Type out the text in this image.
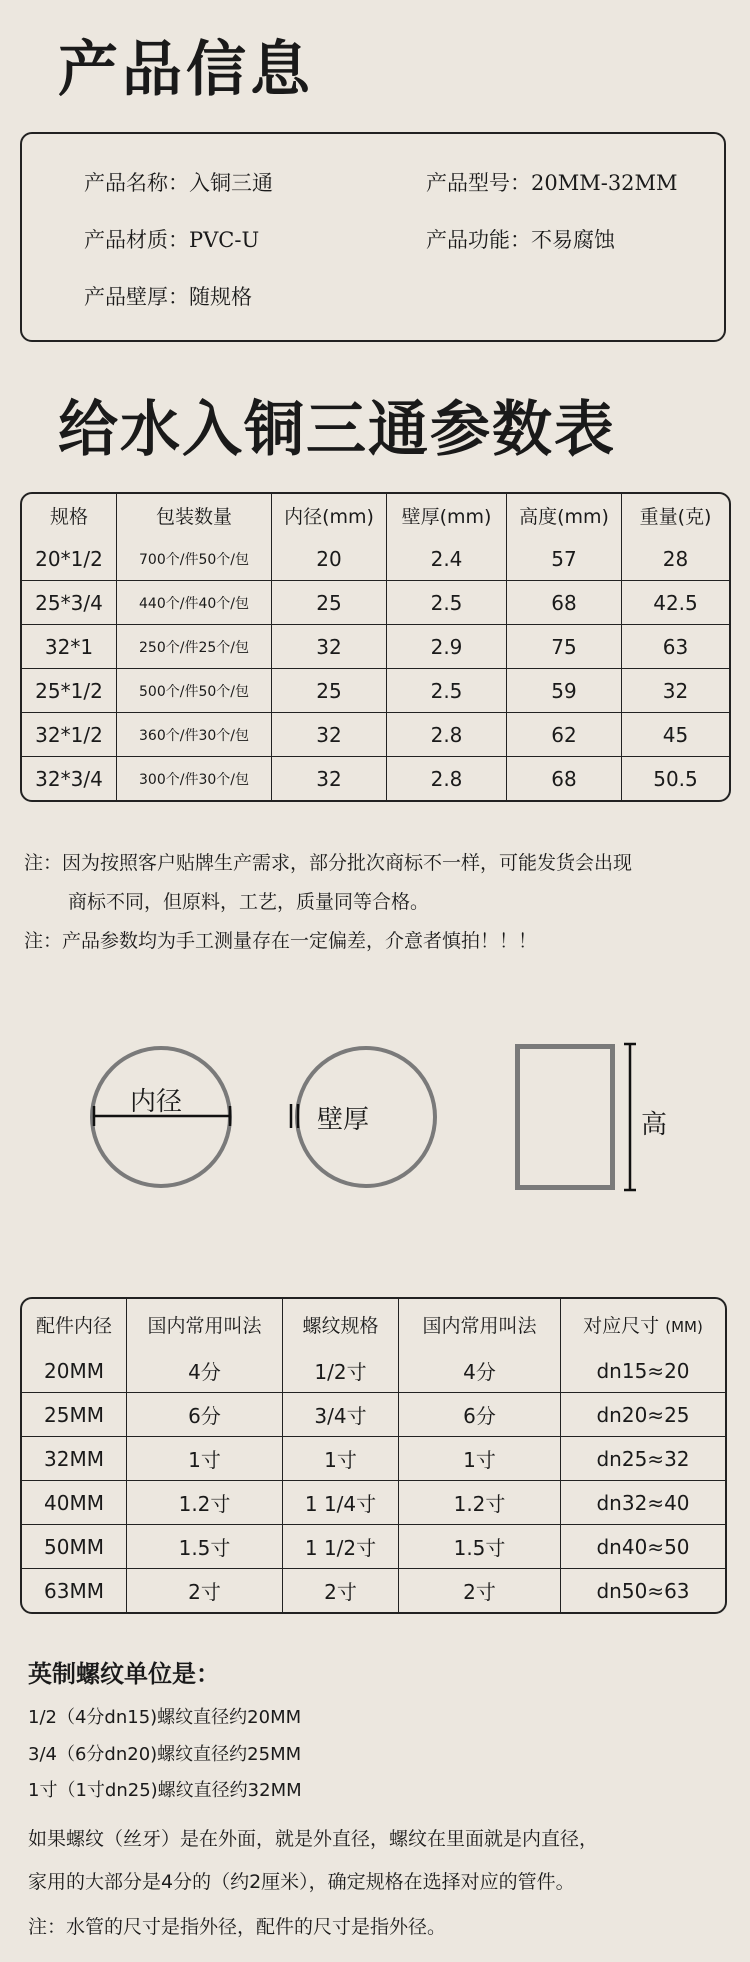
产品信息
产品名称：入铜三通	产品型号：20MM-32MM
产品材质：PVC-U	产品功能：不易腐蚀
产品壁厚：随规格
给水入铜三通参数表
规格	包装数量	内径(mm)	壁厚(mm)	高度(mm)	重量(克)
20*1/2	700个/件50个/包	20	2.4	57	28
25*3/4	440个/件40个/包	25	2.5	68	42.5
32*1	250个/件25个/包	32	2.9	75	63
25*1/2	500个/件50个/包	25	2.5	59	32
32*1/2	360个/件30个/包	32	2.8	62	45
32*3/4	300个/件30个/包	32	2.8	68	50.5
注：因为按照客户贴牌生产需求，部分批次商标不一样，可能发货会出现
商标不同，但原料，工艺，质量同等合格。
注：产品参数均为手工测量存在一定偏差，介意者慎拍！！！
内径
壁厚	高
配件内径	国内常用叫法	螺纹规格	国内常用叫法	对应尺寸 (MM)
20MM	4分	1/2寸	4分	dn15≈20
25MM	6分	3/4寸	6分	dn20≈25
32MM	1寸	1寸	1寸	dn25≈32
40MM	1.2寸	1 1/4寸	1.2寸	dn32≈40
50MM	1.5寸	1 1/2寸	1.5寸	dn40≈50
63MM	2寸	2寸	2寸	dn50≈63
英制螺纹单位是：
1/2（4分dn15)螺纹直径约20MM
3/4（6分dn20)螺纹直径约25MM
1寸（1寸dn25)螺纹直径约32MM
如果螺纹（丝牙）是在外面，就是外直径，螺纹在里面就是内直径，
家用的大部分是4分的（约2厘米），确定规格在选择对应的管件。
注：水管的尺寸是指外径，配件的尺寸是指外径。
